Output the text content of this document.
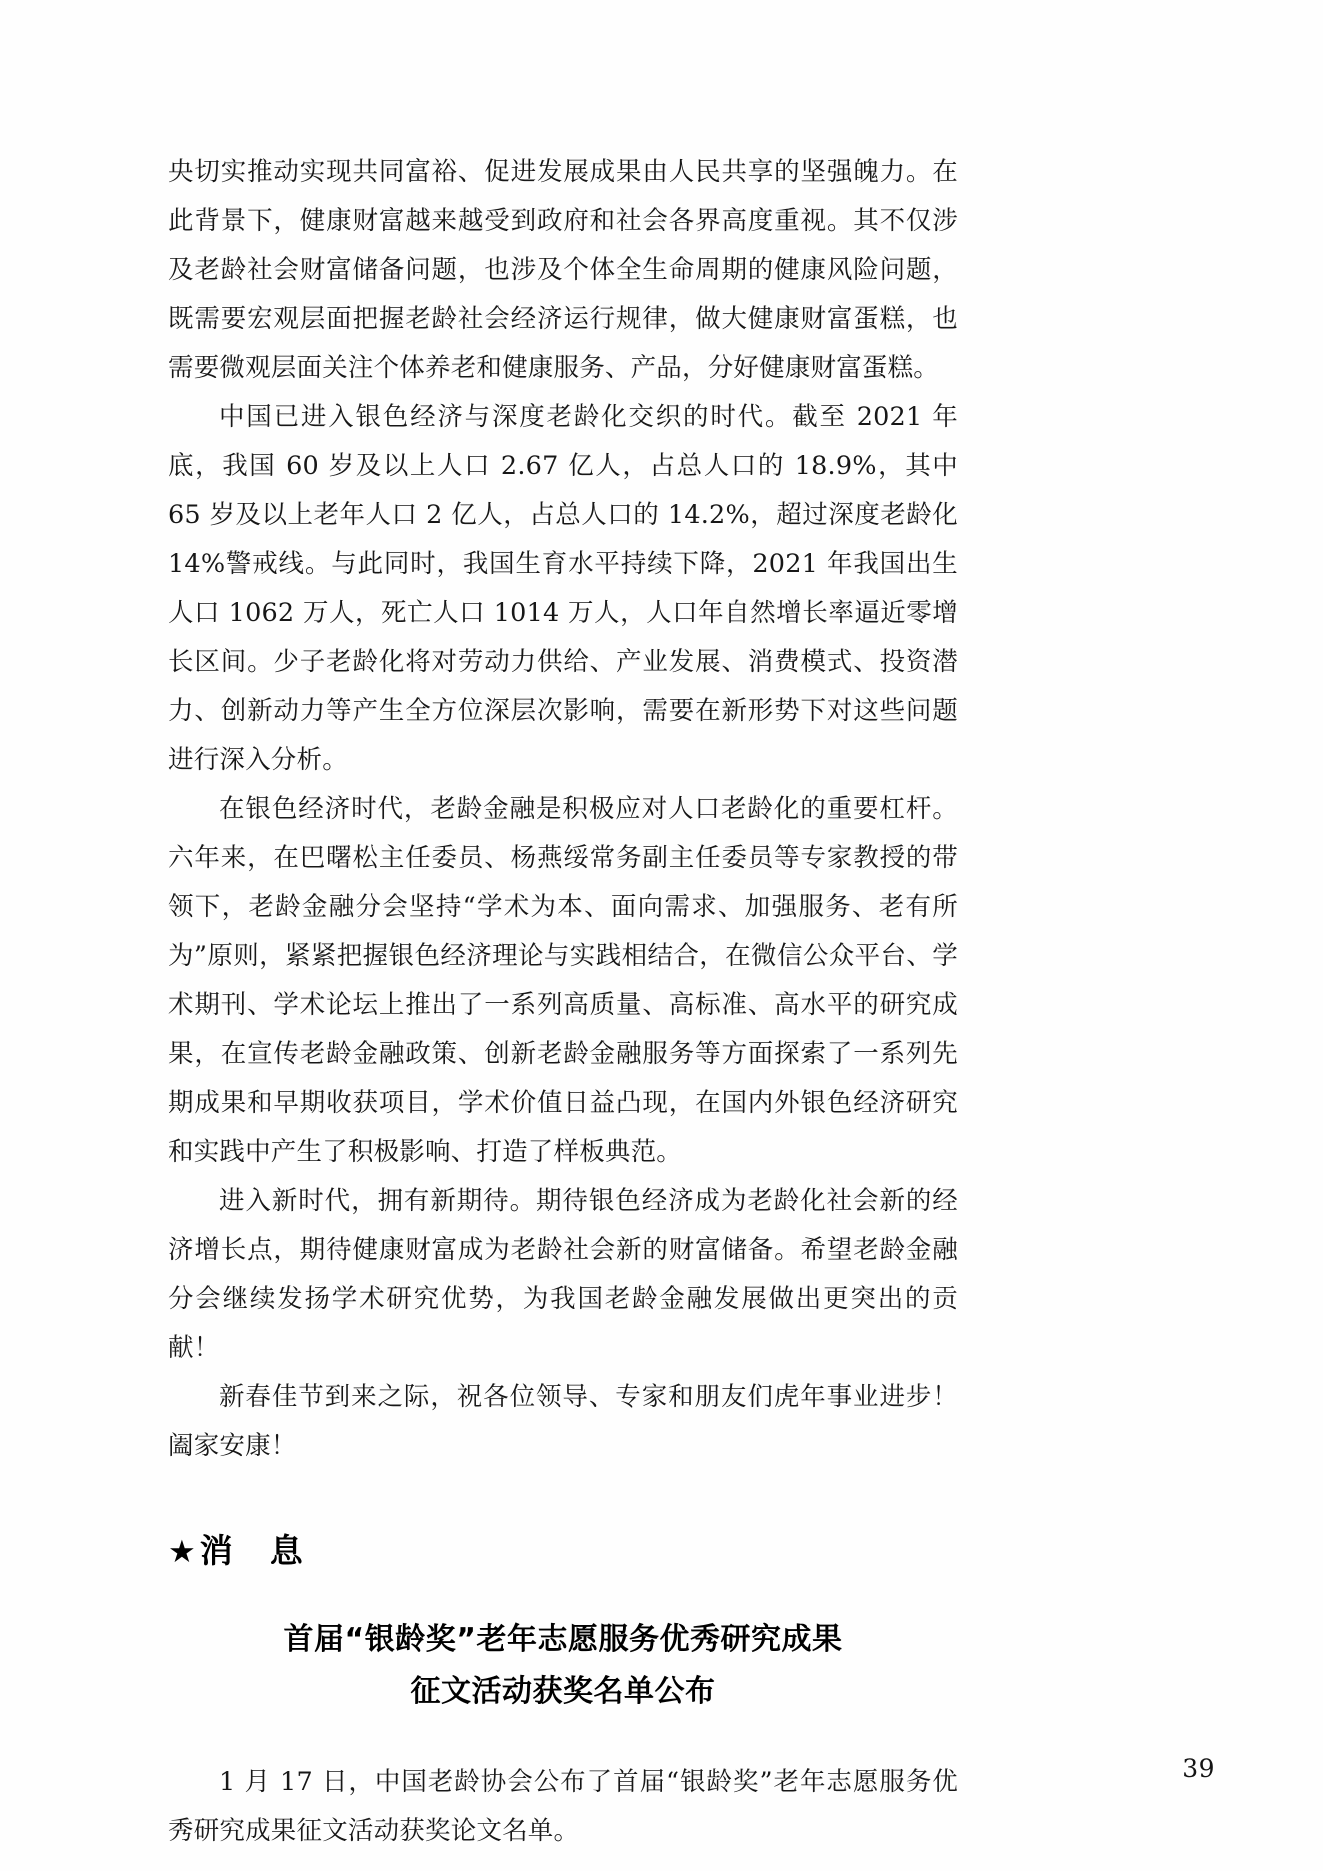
央切实推动实现共同富裕、促进发展成果由人民共享的坚强魄力。在此背景下，健康财富越来越受到政府和社会各界高度重视。其不仅涉及老龄社会财富储备问题，也涉及个体全生命周期的健康风险问题，既需要宏观层面把握老龄社会经济运行规律，做大健康财富蛋糕，也需要微观层面关注个体养老和健康服务、产品，分好健康财富蛋糕。

中国已进入银色经济与深度老龄化交织的时代。截至 2021 年底，我国 60 岁及以上人口 2.67 亿人，占总人口的 18.9%，其中 65 岁及以上老年人口 2 亿人，占总人口的 14.2%，超过深度老龄化 14%警戒线。与此同时，我国生育水平持续下降，2021 年我国出生人口 1062 万人，死亡人口 1014 万人，人口年自然增长率逼近零增长区间。少子老龄化将对劳动力供给、产业发展、消费模式、投资潜力、创新动力等产生全方位深层次影响，需要在新形势下对这些问题进行深入分析。

在银色经济时代，老龄金融是积极应对人口老龄化的重要杠杆。六年来，在巴曙松主任委员、杨燕绥常务副主任委员等专家教授的带领下，老龄金融分会坚持“学术为本、面向需求、加强服务、老有所为”原则，紧紧把握银色经济理论与实践相结合，在微信公众平台、学术期刊、学术论坛上推出了一系列高质量、高标准、高水平的研究成果，在宣传老龄金融政策、创新老龄金融服务等方面探索了一系列先期成果和早期收获项目，学术价值日益凸现，在国内外银色经济研究和实践中产生了积极影响、打造了样板典范。

进入新时代，拥有新期待。期待银色经济成为老龄化社会新的经济增长点，期待健康财富成为老龄社会新的财富储备。希望老龄金融分会继续发扬学术研究优势，为我国老龄金融发展做出更突出的贡献！

新春佳节到来之际，祝各位领导、专家和朋友们虎年事业进步！阖家安康！

★消　息
首届“银龄奖”老年志愿服务优秀研究成果
征文活动获奖名单公布

1 月 17 日，中国老龄协会公布了首届“银龄奖”老年志愿服务优秀研究成果征文活动获奖论文名单。

39
